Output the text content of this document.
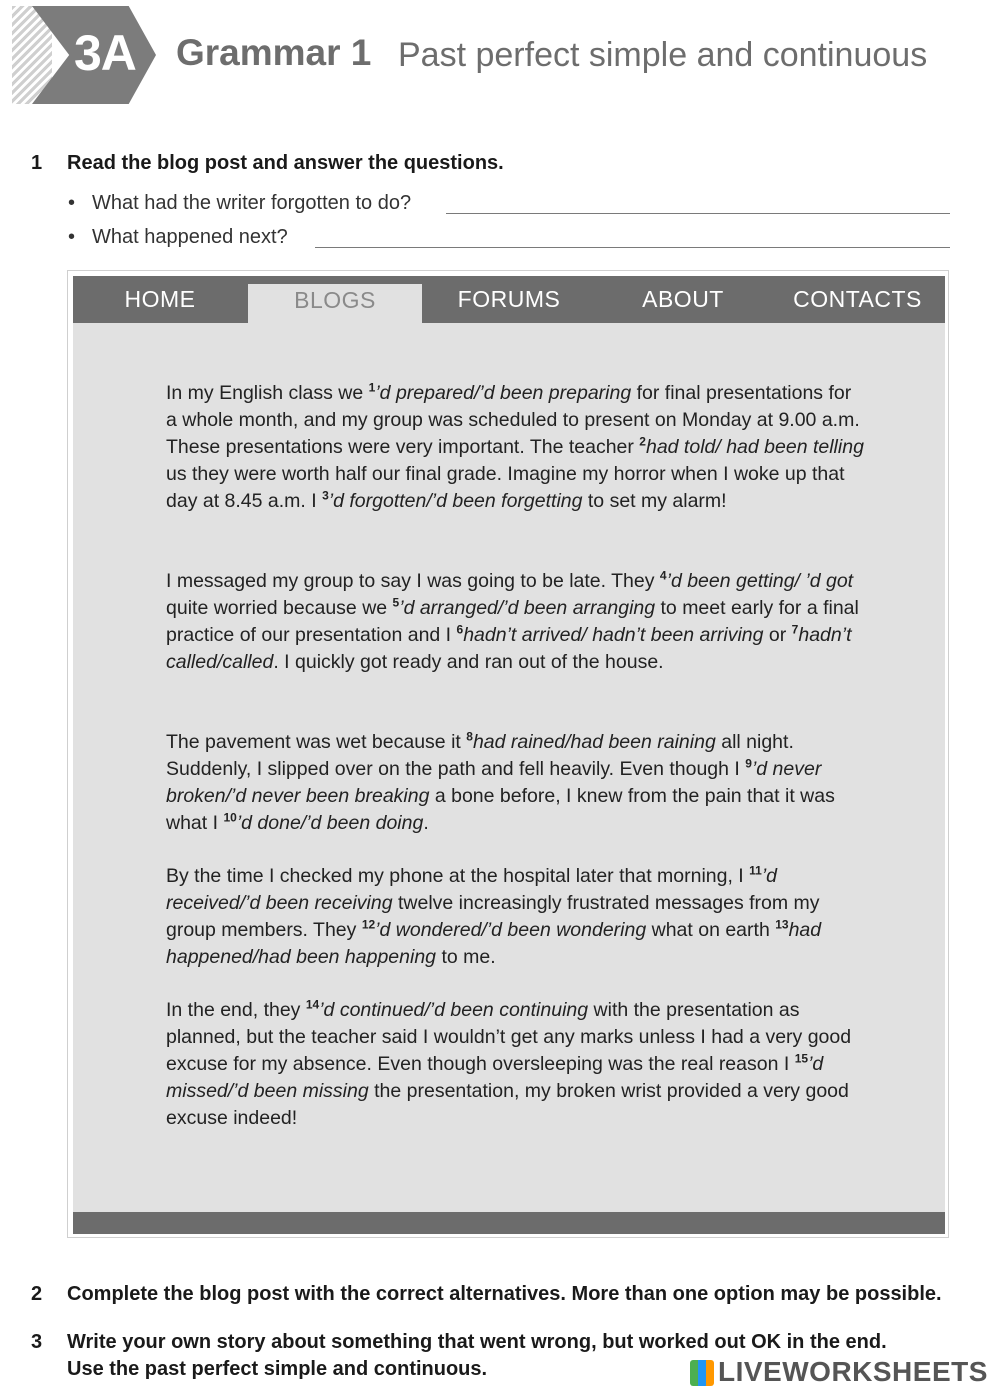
3A Grammar 1 Past perfect simple and continuous
1 Read the blog post and answer the questions.
• What had the writer forgotten to do?
• What happened next?
HOME	BLOGS	FORUMS	ABOUT	CONTACTS

In my English class we $^1$’d prepared/’d been preparing for final presentations for a whole month, and my group was scheduled to present on Monday at 9.00 a.m. These presentations were very important. The teacher $^2$had told/ had been telling us they were worth half our final grade. Imagine my horror when I woke up that day at 8.45 a.m. I $^3$’d forgotten/’d been forgetting to set my alarm!

I messaged my group to say I was going to be late. They $^4$’d been getting/ ’d got quite worried because we $^5$’d arranged/’d been arranging to meet early for a final practice of our presentation and I $^6$hadn’t arrived/ hadn’t been arriving or $^7$hadn’t called/called. I quickly got ready and ran out of the house.

The pavement was wet because it $^8$had rained/had been raining all night. Suddenly, I slipped over on the path and fell heavily. Even though I $^9$’d never broken/’d never been breaking a bone before, I knew from the pain that it was what I $^{10}$’d done/’d been doing.

By the time I checked my phone at the hospital later that morning, I $^{11}$’d received/’d been receiving twelve increasingly frustrated messages from my group members. They $^{12}$’d wondered/’d been wondering what on earth $^{13}$had happened/had been happening to me.

In the end, they $^{14}$’d continued/’d been continuing with the presentation as planned, but the teacher said I wouldn’t get any marks unless I had a very good excuse for my absence. Even though oversleeping was the real reason I $^{15}$’d missed/’d been missing the presentation, my broken wrist provided a very good excuse indeed!

2 Complete the blog post with the correct alternatives. More than one option may be possible.
3 Write your own story about something that went wrong, but worked out OK in the end.
Use the past perfect simple and continuous.	LIVEWORKSHEETS
